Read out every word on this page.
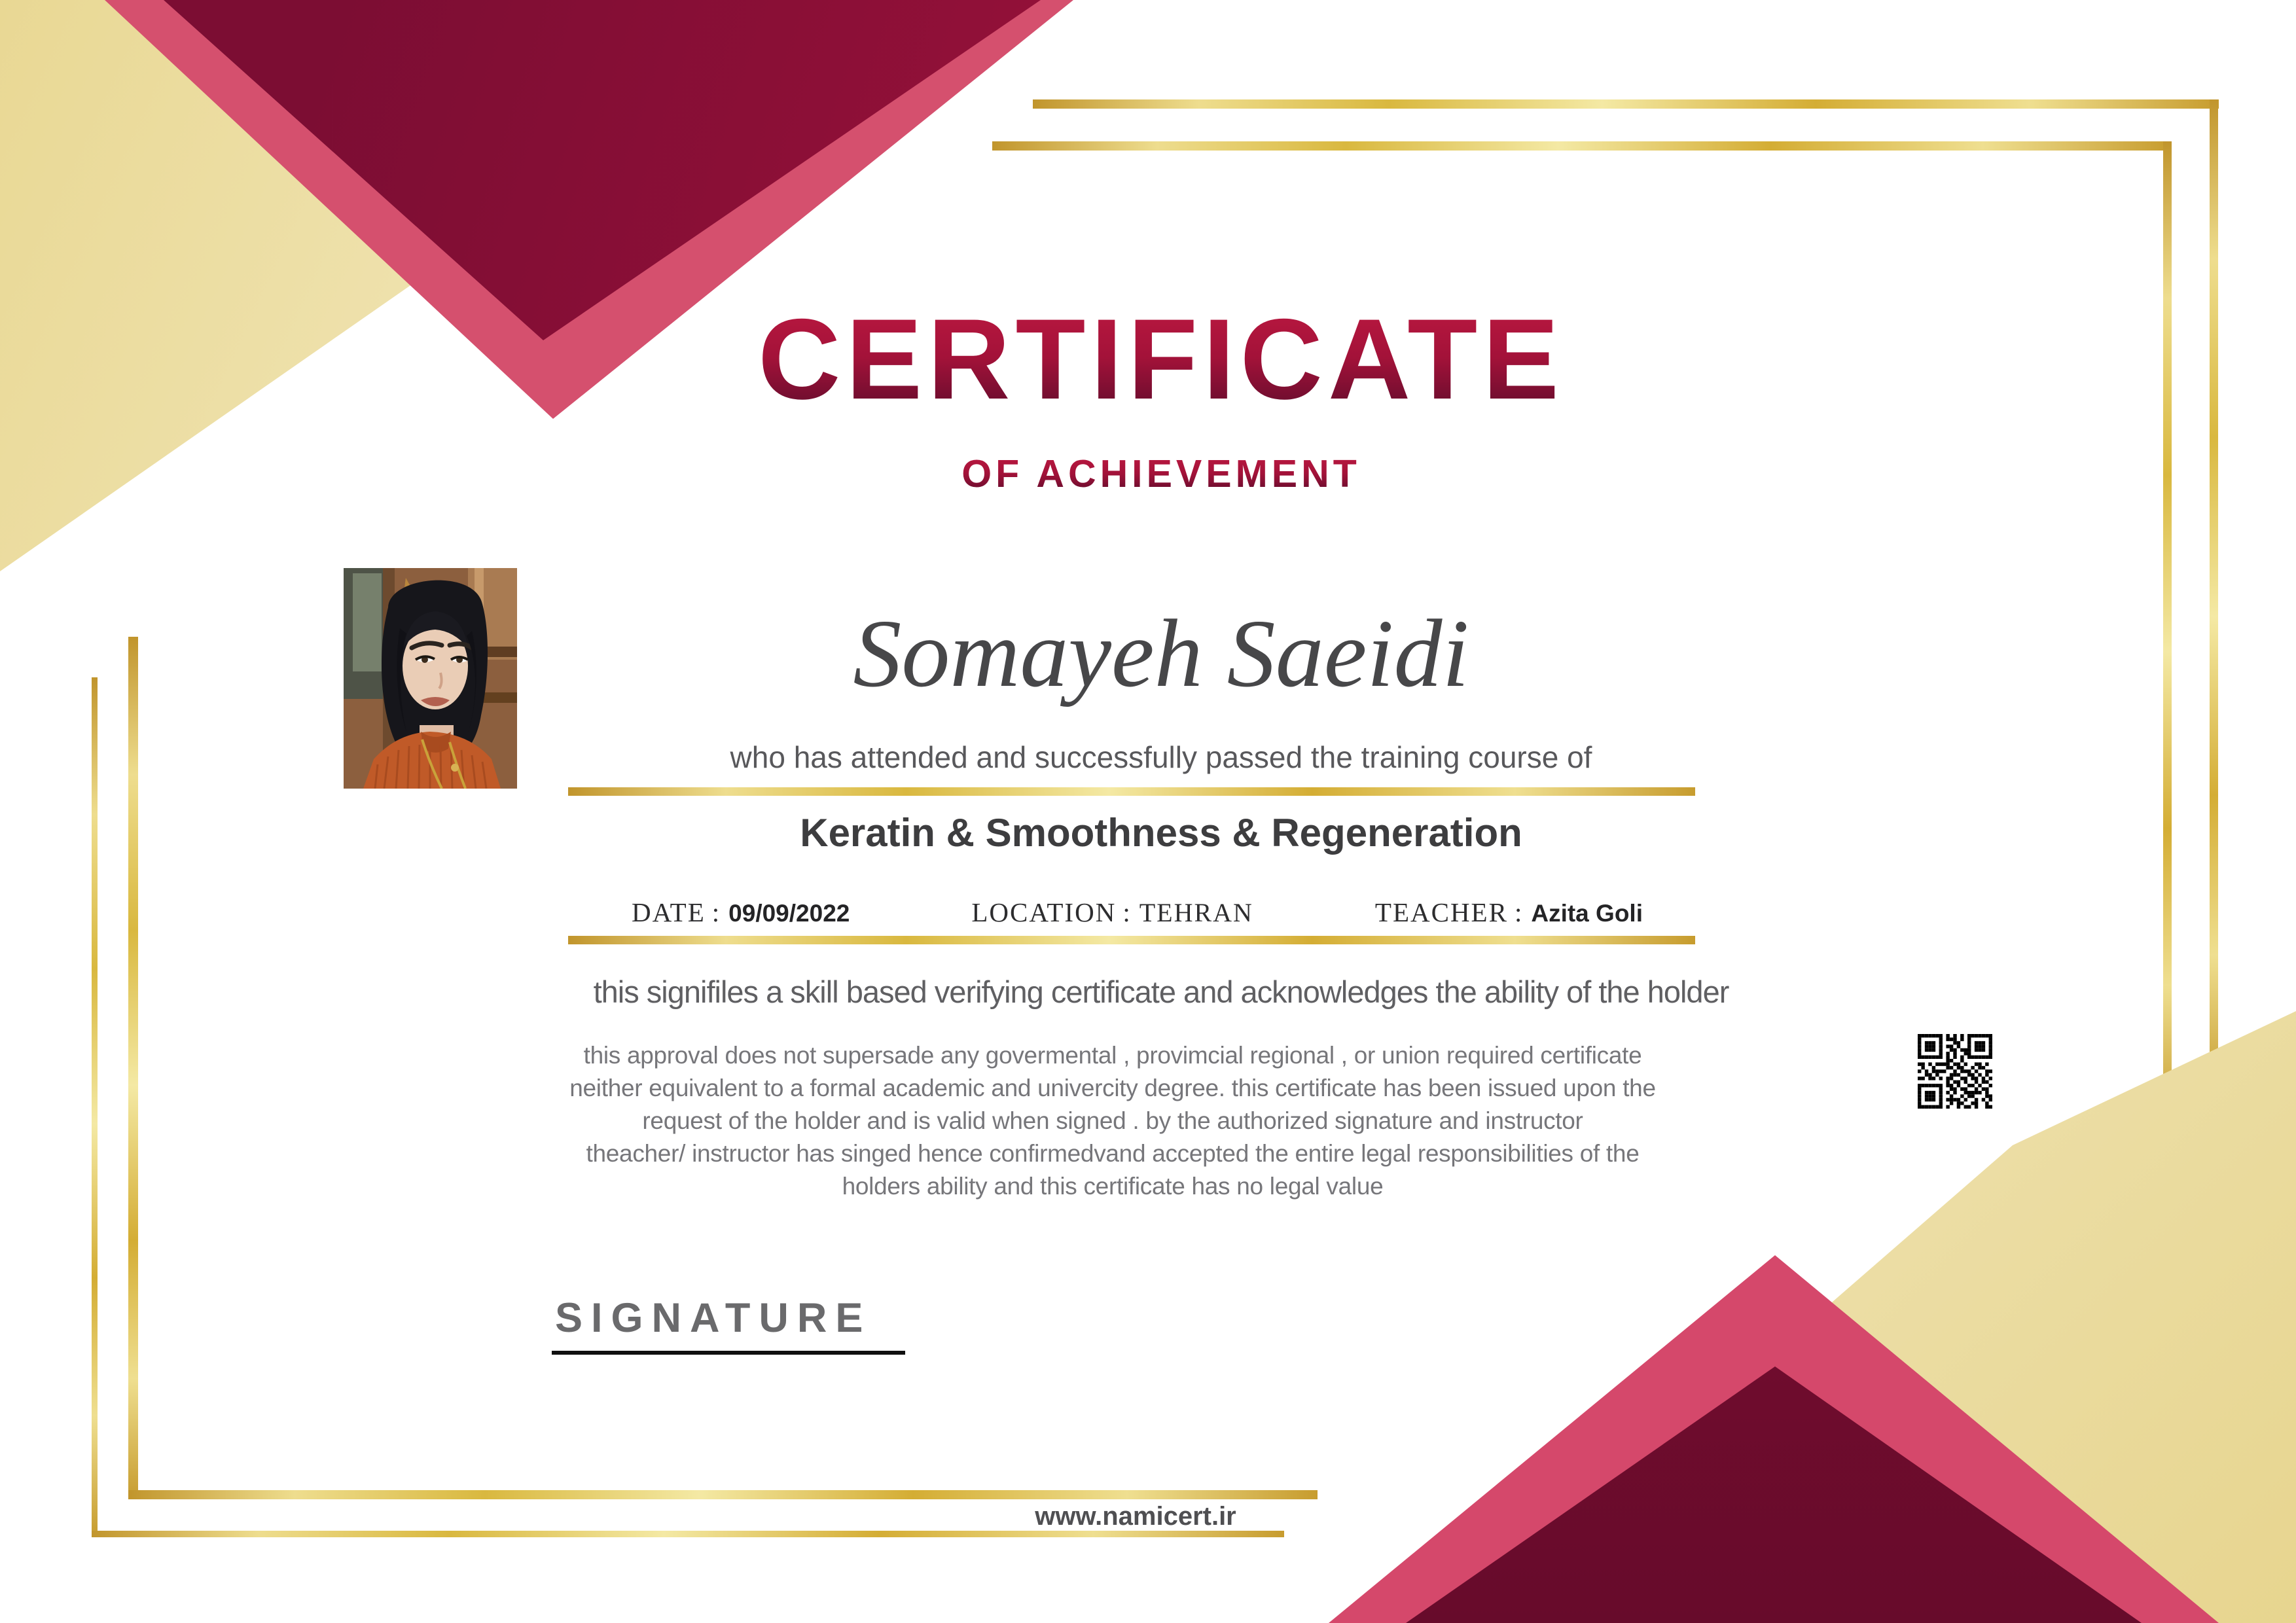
CERTIFICATE
OF ACHIEVEMENT
Somayeh Saeidi
who has attended and successfully passed the training course of
Keratin & Smoothness & Regeneration
DATE : 09/09/2022	LOCATION : TEHRAN	TEACHER : Azita Goli
this signifiles a skill based verifying certificate and acknowledges the ability of the holder
this approval does not supersade any govermental , provimcial regional , or union required certificate
neither equivalent to a formal academic and univercity degree. this certificate has been issued upon the
request of the holder and is valid when signed . by the authorized signature and instructor
theacher/ instructor has singed hence confirmedvand accepted the entire legal responsibilities of the
holders ability and this certificate has no legal value
SIGNATURE
www.namicert.ir
